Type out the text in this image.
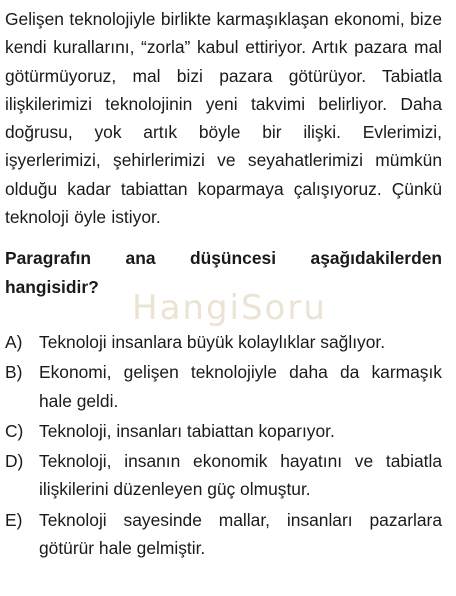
Gelişen teknolojiyle birlikte karmaşıklaşan ekonomi, bize kendi kurallarını, “zorla” kabul ettiriyor. Artık pazara mal götürmüyoruz, mal bizi pazara götürüyor. Tabiatla ilişkilerimizi teknolojinin yeni takvimi belirliyor. Daha doğrusu, yok artık böyle bir ilişki. Evlerimizi, işyerlerimizi, şehirlerimizi ve seyahatlerimizi mümkün olduğu kadar tabiattan koparmaya çalışıyoruz. Çünkü teknoloji öyle istiyor.

Paragrafın ana düşüncesi aşağıdakilerden hangisidir?

HangiSoru
A) Teknoloji insanlara büyük kolaylıklar sağlıyor.
B) Ekonomi, gelişen teknolojiyle daha da karmaşık hale geldi.
C) Teknoloji, insanları tabiattan koparıyor.
D) Teknoloji, insanın ekonomik hayatını ve tabiatla ilişkilerini düzenleyen güç olmuştur.
E) Teknoloji sayesinde mallar, insanları pazarlara götürür hale gelmiştir.
